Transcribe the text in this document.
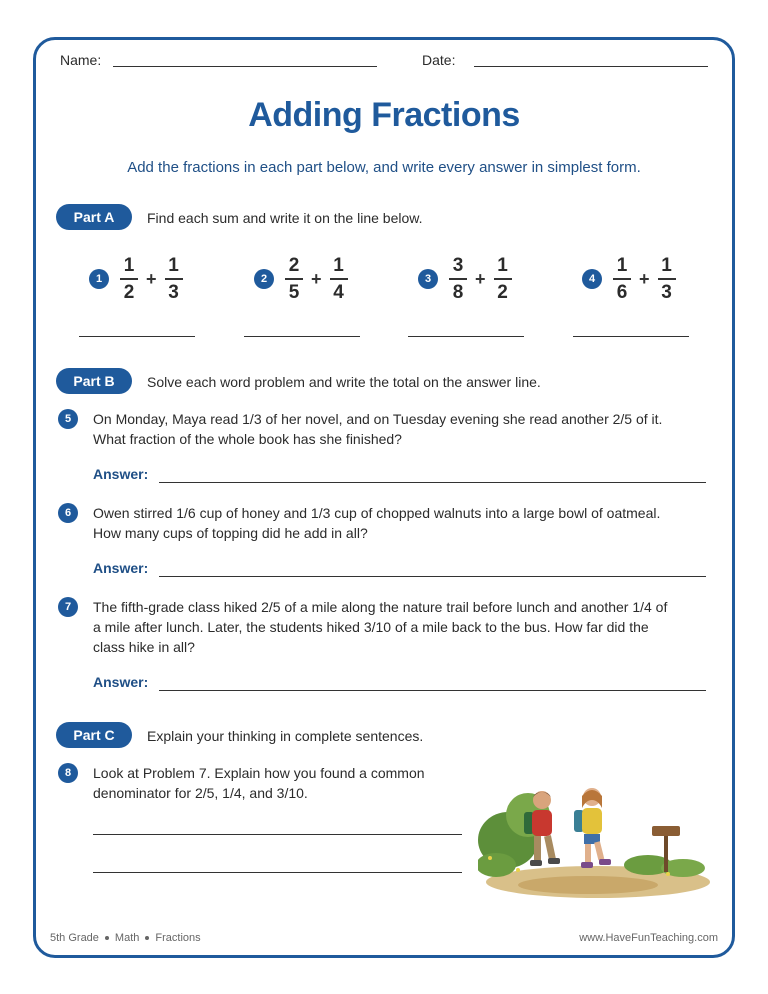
Name:	Date:
Adding Fractions
Add the fractions in each part below, and write every answer in simplest form.
Part A	Find each sum and write it on the line below.
$1 \frac{1}{2} + \frac{1}{3}$	$2 \frac{2}{5} + \frac{1}{4}$	$3 \frac{3}{8} + \frac{1}{2}$	$4 \frac{1}{6} + \frac{1}{3}$
Part B	Solve each word problem and write the total on the answer line.
5	On Monday, Maya read 1/3 of her novel, and on Tuesday evening she read another 2/5 of it.
What fraction of the whole book has she finished?
Answer:
6	Owen stirred 1/6 cup of honey and 1/3 cup of chopped walnuts into a large bowl of oatmeal.
How many cups of topping did he add in all?
Answer:
7	The fifth-grade class hiked 2/5 of a mile along the nature trail before lunch and another 1/4 of
a mile after lunch. Later, the students hiked 3/10 of a mile back to the bus. How far did the
class hike in all?
Answer:
Part C	Explain your thinking in complete sentences.
8	Look at Problem 7. Explain how you found a common
denominator for 2/5, 1/4, and 3/10.
5th Grade Math Fractions	www.HaveFunTeaching.com
